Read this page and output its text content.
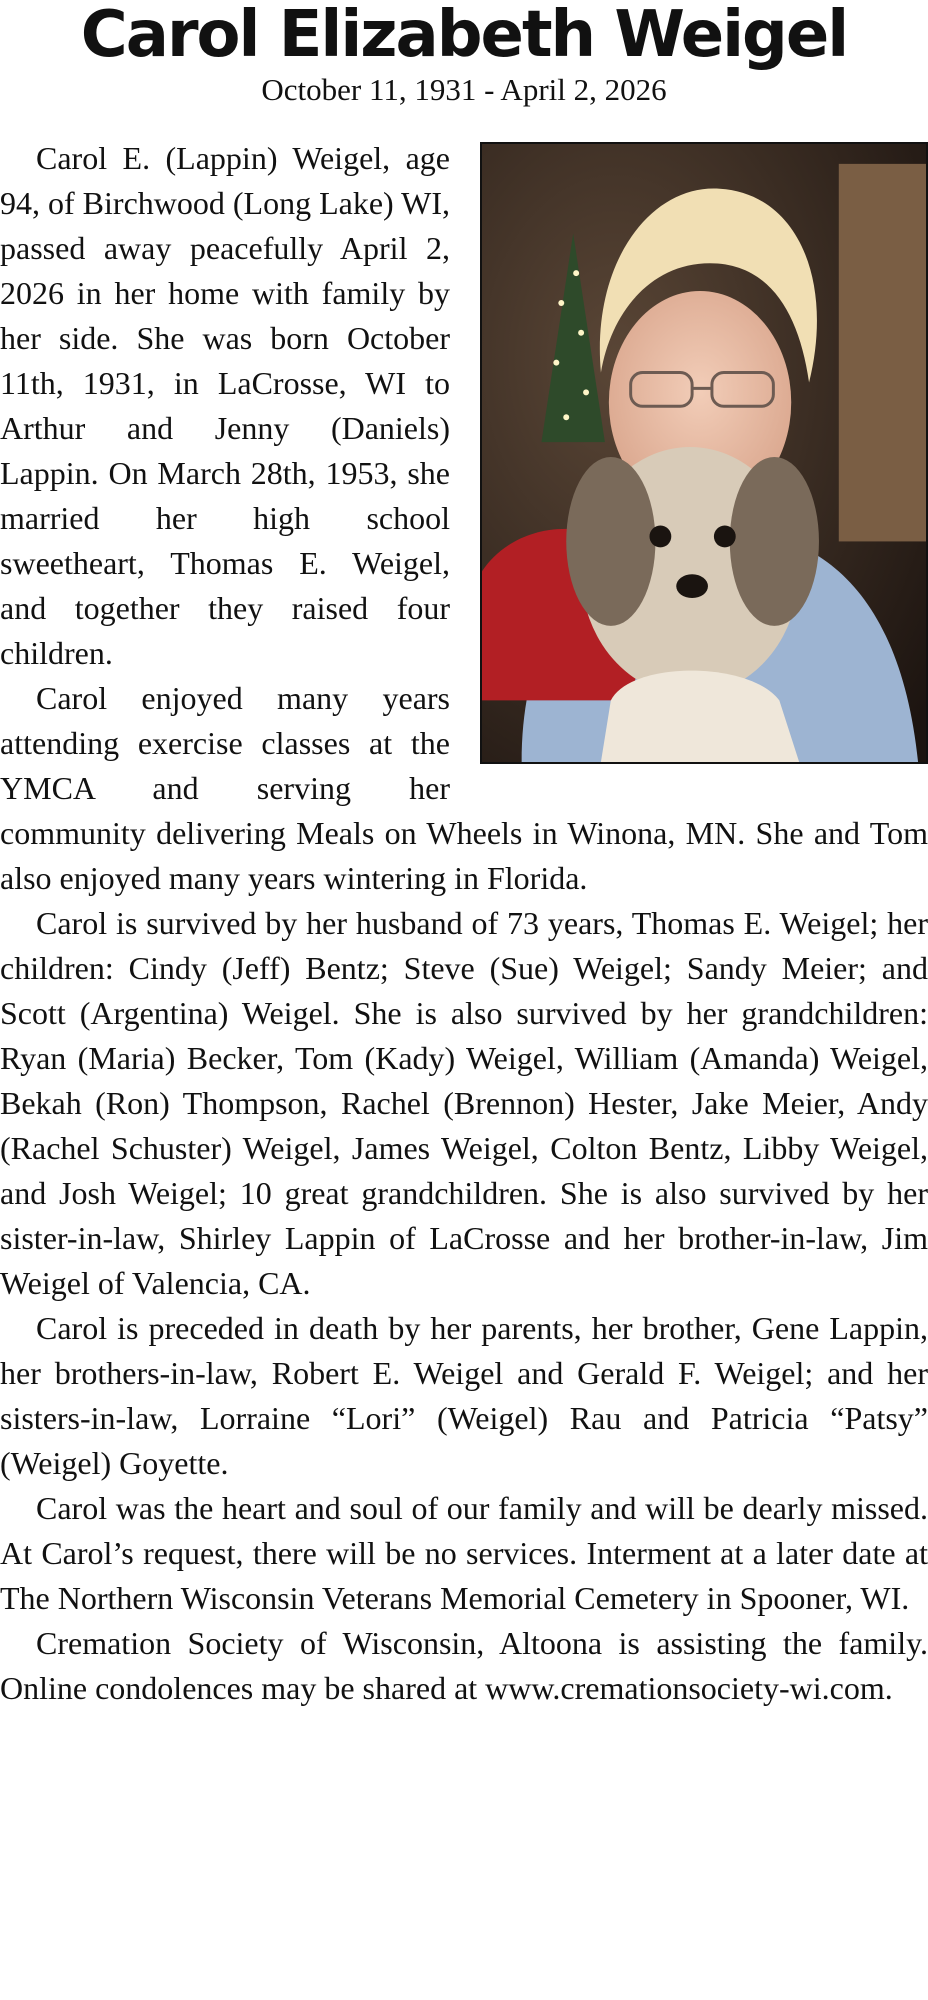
Carol Elizabeth Weigel
October 11, 1931 - April 2, 2026

Carol E. (Lappin) Weigel, age 94, of Birchwood (Long Lake) WI, passed away peacefully April 2, 2026 in her home with family by her side. She was born October 11th, 1931, in LaCrosse, WI to Arthur and Jenny (Daniels) Lappin. On March 28th, 1953, she married her high school sweetheart, Thomas E. Weigel, and together they raised four children.

Carol enjoyed many years attending exercise classes at the YMCA and serving her community delivering Meals on Wheels in Winona, MN. She and Tom also enjoyed many years wintering in Florida.

Carol is survived by her husband of 73 years, Thomas E. Weigel; her children: Cindy (Jeff) Bentz; Steve (Sue) Weigel; Sandy Meier; and Scott (Argentina) Weigel. She is also survived by her grandchildren: Ryan (Maria) Becker, Tom (Kady) Weigel, William (Amanda) Weigel, Bekah (Ron) Thompson, Rachel (Brennon) Hester, Jake Meier, Andy (Rachel Schuster) Weigel, James Weigel, Colton Bentz, Libby Weigel, and Josh Weigel; 10 great grandchildren. She is also survived by her sister-in-law, Shirley Lappin of LaCrosse and her brother-in-law, Jim Weigel of Valencia, CA.

Carol is preceded in death by her parents, her brother, Gene Lappin, her brothers-in-law, Robert E. Weigel and Gerald F. Weigel; and her sisters-in-law, Lorraine “Lori” (Weigel) Rau and Patricia “Patsy” (Weigel) Goyette.

Carol was the heart and soul of our family and will be dearly missed. At Carol’s request, there will be no services. Interment at a later date at The Northern Wisconsin Veterans Memorial Cemetery in Spooner, WI.

Cremation Society of Wisconsin, Altoona is assisting the family. Online condolences may be shared at www.cremationsociety-wi.com.
